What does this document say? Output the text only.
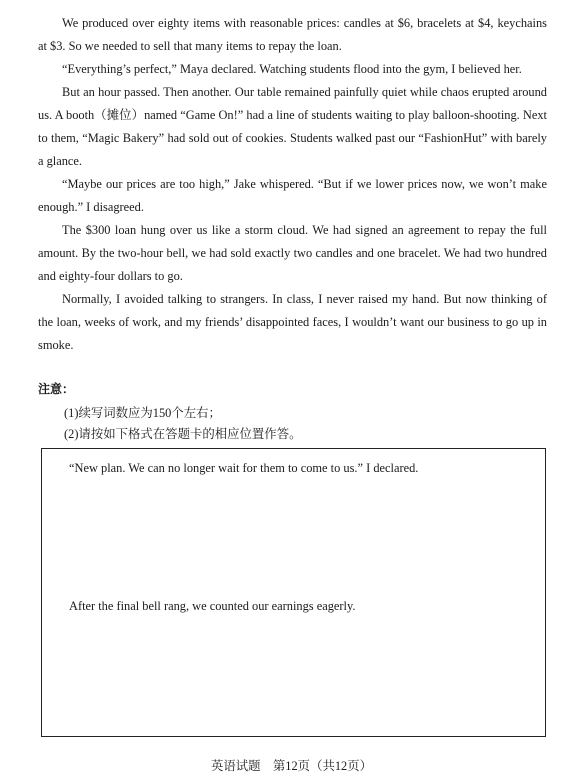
We produced over eighty items with reasonable prices: candles at $6, bracelets at $4, keychains at $3. So we needed to sell that many items to repay the loan.

“Everything’s perfect,” Maya declared. Watching students flood into the gym, I believed her.

But an hour passed. Then another. Our table remained painfully quiet while chaos erupted around us. A booth（摊位）named “Game On!” had a line of students waiting to play balloon-shooting. Next to them, “Magic Bakery” had sold out of cookies. Students walked past our “FashionHut” with barely a glance.

“Maybe our prices are too high,” Jake whispered. “But if we lower prices now, we won’t make enough.” I disagreed.

The $300 loan hung over us like a storm cloud. We had signed an agreement to repay the full amount. By the two-hour bell, we had sold exactly two candles and one bracelet. We had two hundred and eighty-four dollars to go.

Normally, I avoided talking to strangers. In class, I never raised my hand. But now thinking of the loan, weeks of work, and my friends’ disappointed faces, I wouldn’t want our business to go up in smoke.

注意：
(1)续写词数应为150个左右；
(2)请按如下格式在答题卡的相应位置作答。

“New plan. We can no longer wait for them to come to us.” I declared.

After the final bell rang, we counted our earnings eagerly.

英语试题　第12页（共12页）
